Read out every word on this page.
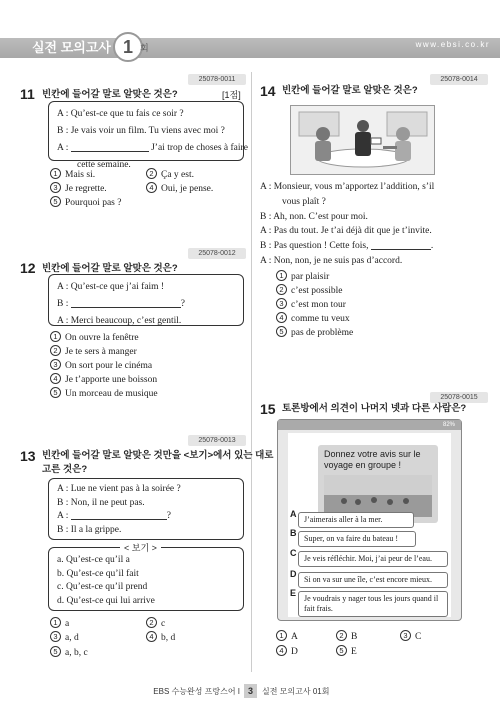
실전 모의고사 1 회	www.ebsi.co.kr
25078-0011
11 빈칸에 들어갈 말로 알맞은 것은?	[1점]
A : Qu’est-ce que tu fais ce soir ?
B : Je vais voir un film. Tu viens avec moi ?
A :	J’ai trop de choses à faire
cette semaine.
1 Mais si.	2 Ça y est.
3 Je regrette.	4 Oui, je pense.
5 Pourquoi pas ?
25078-0012
12 빈칸에 들어갈 말로 알맞은 것은?
A : Qu’est-ce que j’ai faim !
B :	?
A : Merci beaucoup, c’est gentil.
1 On ouvre la fenêtre
2 Je te sers à manger
3 On sort pour le cinéma
4 Je t’apporte une boisson
5 Un morceau de musique
25078-0013
13 빈칸에 들어갈 말로 알맞은 것만을 <보기>에서 있는 대로
고른 것은?
A : Lue ne vient pas à la soirée ?
B : Non, il ne peut pas.
A :	?
B : Il a la grippe.
a. Qu’est-ce qu’il a
b. Qu’est-ce qu’il fait
c. Qu’est-ce qu’il prend
d. Qu’est-ce qui lui arrive
< 보기 >
1 a	2 c
3 a, d	4 b, d
5 a, b, c
25078-0014
14 빈칸에 들어갈 말로 알맞은 것은?
A : Monsieur, vous m’apportez l’addition, s’il
vous plaît ?
B : Ah, non. C’est pour moi.
A : Pas du tout. Je t’ai déjà dit que je t’invite.
B : Pas question ! Cette fois,	.
A : Non, non, je ne suis pas d’accord.
1 par plaisir
2 c’est possible
3 c’est mon tour
4 comme tu veux
5 pas de problème
25078-0015
15 토론방에서 의견이 나머지 넷과 다른 사람은?
82%
Donnez votre avis sur le voyage en groupe !
A
J’aimerais aller à la mer.
B
Super, on va faire du bateau !
C
Je veis réfléchir. Moi, j’ai peur de l’eau.
D
Si on va sur une île, c’est encore mieux.
E
Je voudrais y nager tous les jours quand il fait frais.
1 A	2 B	3 C
4 D	5 E
EBS 수능완성 프랑스어 I 3	실전 모의고사 01회
